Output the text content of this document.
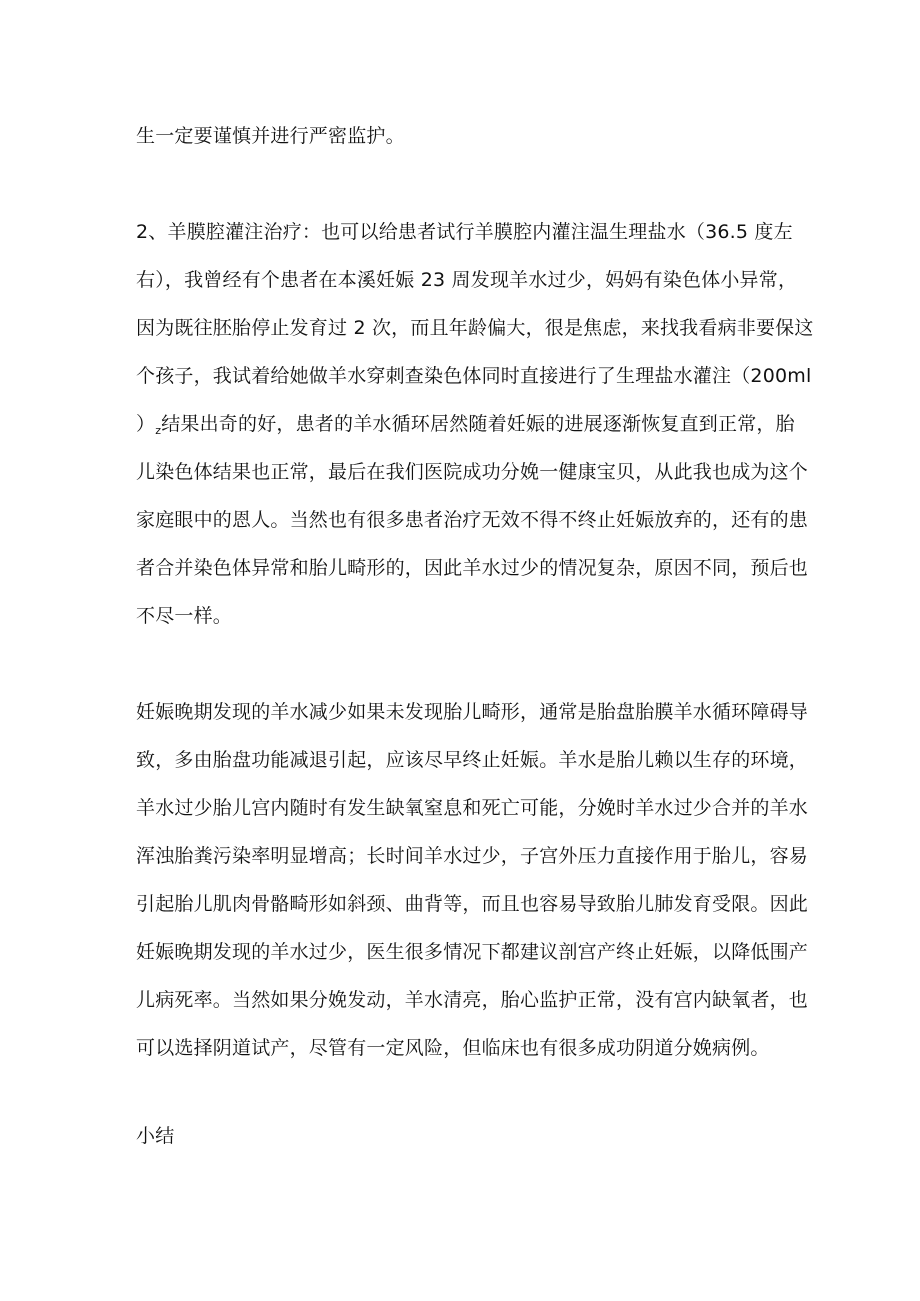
生一定要谨慎并进行严密监护。
2、羊膜腔灌注治疗：也可以给患者试行羊膜腔内灌注温生理盐水（36.5 度左
右），我曾经有个患者在本溪妊娠 23 周发现羊水过少，妈妈有染色体小异常，
因为既往胚胎停止发育过 2 次，而且年龄偏大，很是焦虑，来找我看病非要保这
个孩子，我试着给她做羊水穿刺查染色体同时直接进行了生理盐水灌注（200ml
）$_z$结果出奇的好，患者的羊水循环居然随着妊娠的进展逐渐恢复直到正常，胎
儿染色体结果也正常，最后在我们医院成功分娩一健康宝贝，从此我也成为这个
家庭眼中的恩人。当然也有很多患者治疗无效不得不终止妊娠放弃的，还有的患
者合并染色体异常和胎儿畸形的，因此羊水过少的情况复杂，原因不同，预后也
不尽一样。
妊娠晚期发现的羊水减少如果未发现胎儿畸形，通常是胎盘胎膜羊水循环障碍导
致，多由胎盘功能减退引起，应该尽早终止妊娠。羊水是胎儿赖以生存的环境，
羊水过少胎儿宫内随时有发生缺氧窒息和死亡可能，分娩时羊水过少合并的羊水
浑浊胎粪污染率明显增高；长时间羊水过少，子宫外压力直接作用于胎儿，容易
引起胎儿肌肉骨骼畸形如斜颈、曲背等，而且也容易导致胎儿肺发育受限。因此
妊娠晚期发现的羊水过少，医生很多情况下都建议剖宫产终止妊娠，以降低围产
儿病死率。当然如果分娩发动，羊水清亮，胎心监护正常，没有宫内缺氧者，也
可以选择阴道试产，尽管有一定风险，但临床也有很多成功阴道分娩病例。
小结
